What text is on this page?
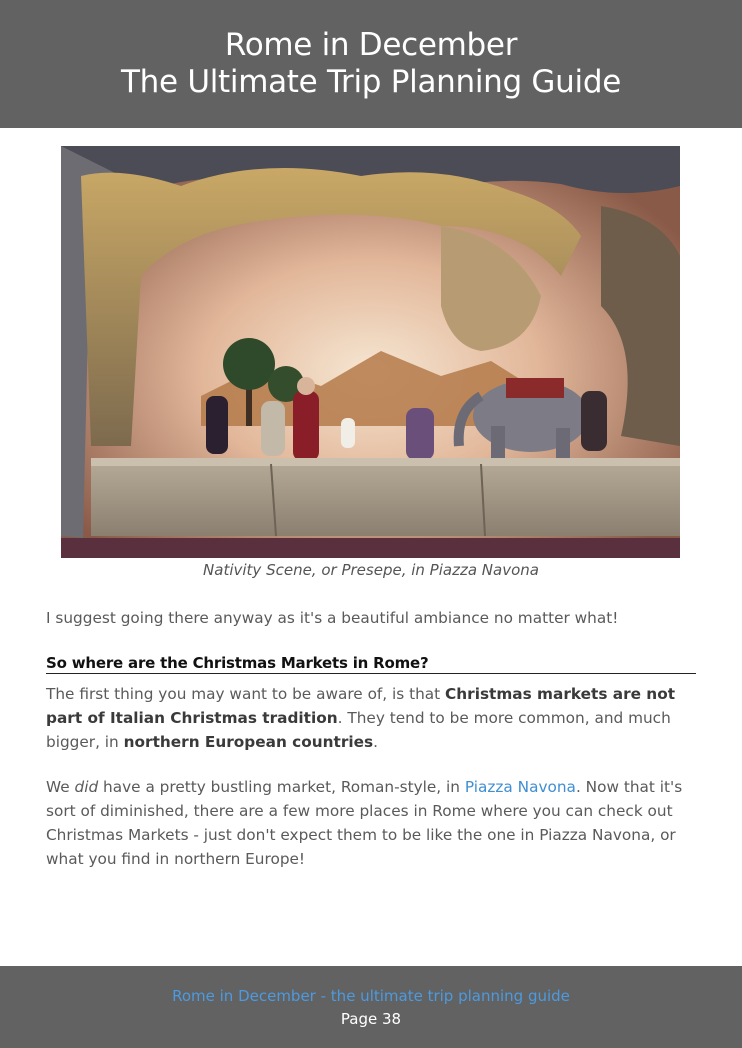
Rome in December
The Ultimate Trip Planning Guide
Nativity Scene, or Presepe, in Piazza Navona
I suggest going there anyway as it's a beautiful ambiance no matter what!
So where are the Christmas Markets in Rome?
The first thing you may want to be aware of, is that Christmas markets are not part of Italian Christmas tradition. They tend to be more common, and much bigger, in northern European countries.
We did have a pretty bustling market, Roman-style, in Piazza Navona. Now that it's sort of diminished, there are a few more places in Rome where you can check out Christmas Markets - just don't expect them to be like the one in Piazza Navona, or what you find in northern Europe!
Rome in December - the ultimate trip planning guide
Page 38
